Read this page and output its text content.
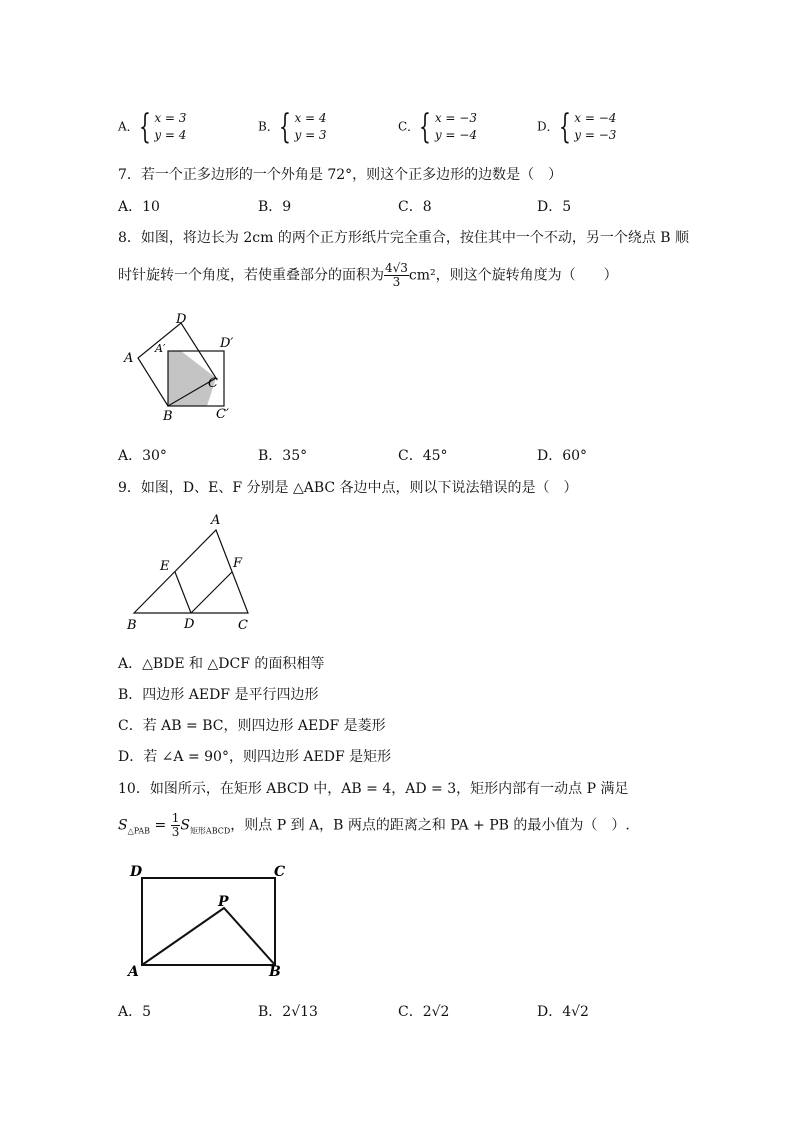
A．{ x = 3
y = 4
B．{ x = 4
y = 3
C．{ x = −3
y = −4
D．{ x = −4
y = −3
7．若一个正多边形的一个外角是 72°，则这个正多边形的边数是（　）
A．10	B．9	C．8	D．5
8．如图，将边长为 2cm 的两个正方形纸片完全重合，按住其中一个不动，另一个绕点 B 顺
时针旋转一个角度，若使重叠部分的面积为 $\frac{4√3}{3} cm^2$，则这个旋转角度为（　　）
D
D′
A
A′
C
B	C′
A．30°	B．35°	C．45°	D．60°
9．如图，D、E、F 分别是 △ABC 各边中点，则以下说法错误的是（　）
A
E	F
B	D	C
A．△BDE 和 △DCF 的面积相等
B．四边形 AEDF 是平行四边形
C．若 AB = BC，则四边形 AEDF 是菱形
D．若 ∠A = 90°，则四边形 AEDF 是矩形
10．如图所示，在矩形 ABCD 中，AB = 4，AD = 3，矩形内部有一动点 P 满足
$S_{\triangle PAB} = \frac{1}{3} S_{矩形ABCD}$，则点 P 到 A，B 两点的距离之和 PA + PB 的最小值为（　）.
D	C
P
A	B
A．5	B．2√13	C．2√2	D．4√2
